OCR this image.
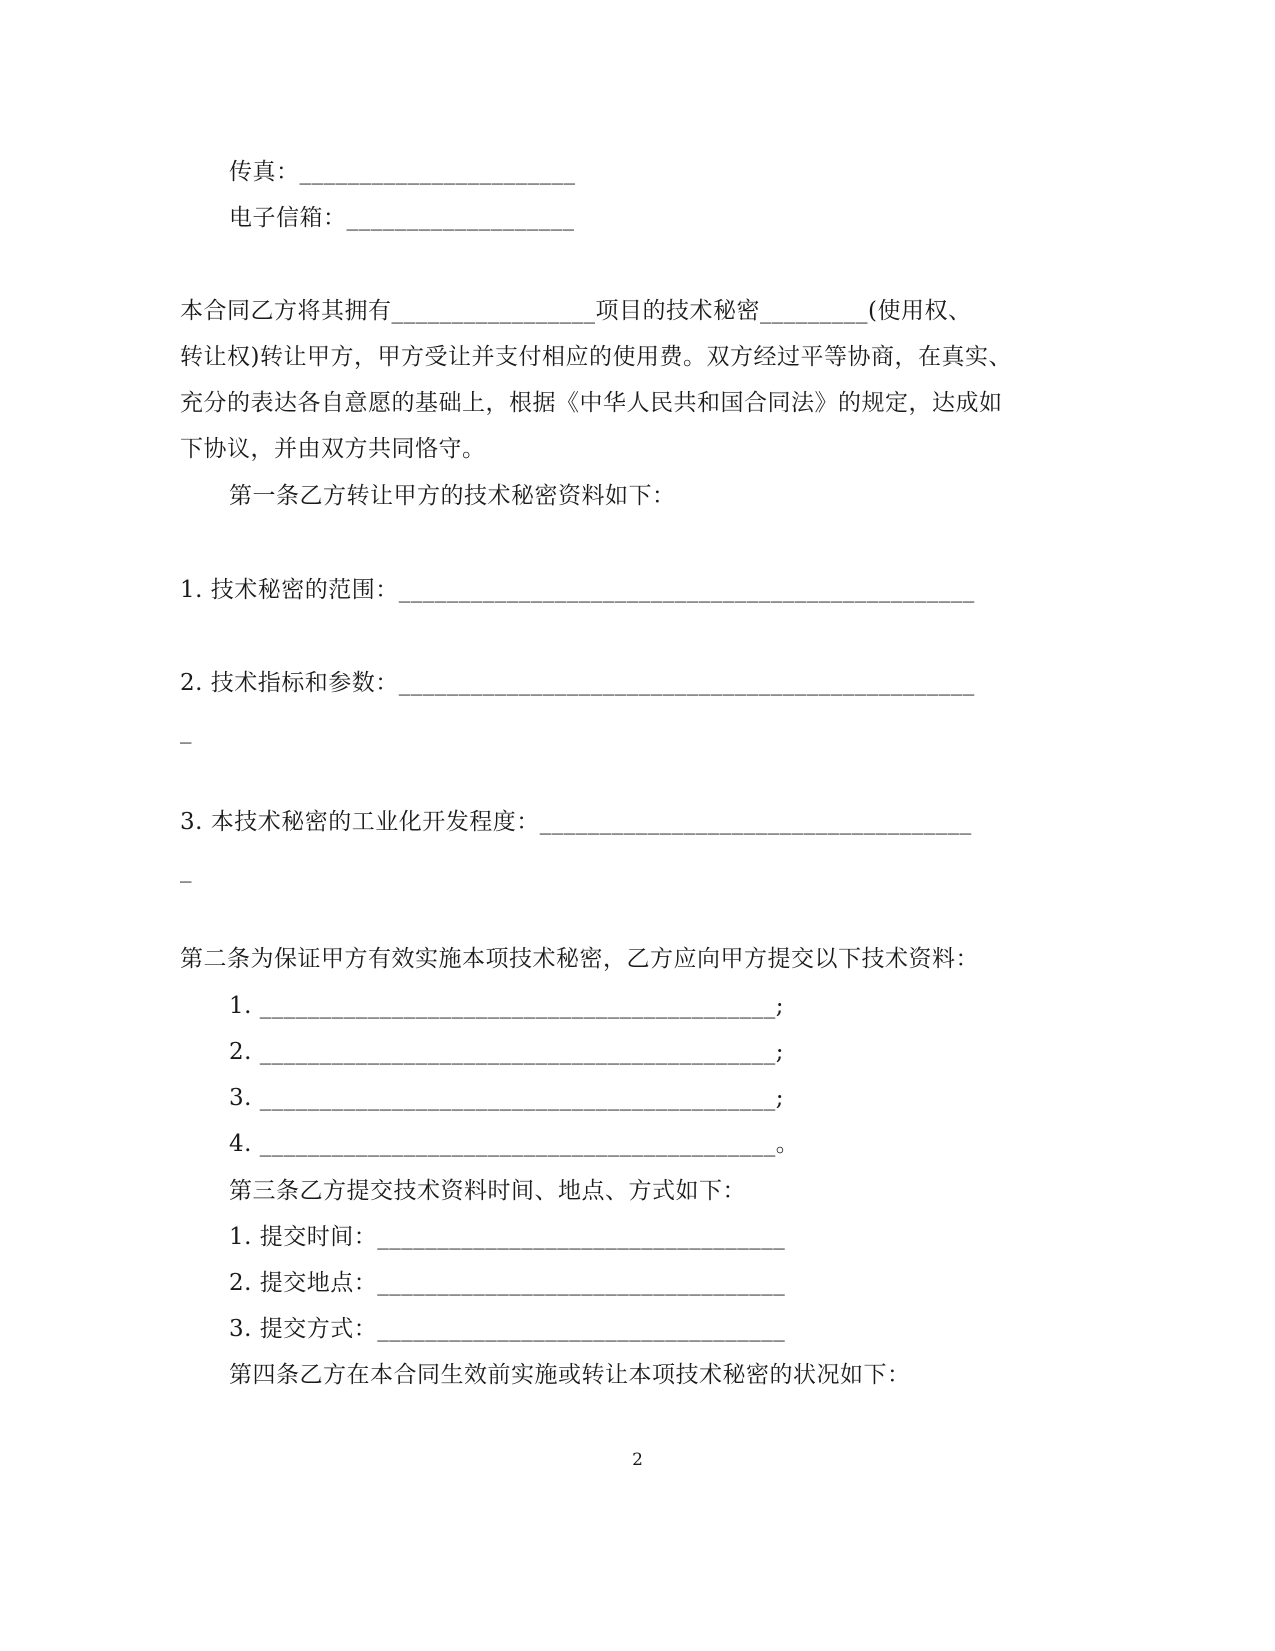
传真：_______________________
电子信箱：___________________
本合同乙方将其拥有_________________项目的技术秘密_________(使用权、
转让权)转让甲方，甲方受让并支付相应的使用费。双方经过平等协商，在真实、
充分的表达各自意愿的基础上，根据《中华人民共和国合同法》的规定，达成如
下协议，并由双方共同恪守。
第一条乙方转让甲方的技术秘密资料如下：
1. 技术秘密的范围：________________________________________________
2. 技术指标和参数：________________________________________________
_
3. 本技术秘密的工业化开发程度：____________________________________
_
第二条为保证甲方有效实施本项技术秘密，乙方应向甲方提交以下技术资料：
1. ___________________________________________;
2. ___________________________________________;
3. ___________________________________________;
4. ___________________________________________。
第三条乙方提交技术资料时间、地点、方式如下：
1. 提交时间：__________________________________
2. 提交地点：__________________________________
3. 提交方式：__________________________________
第四条乙方在本合同生效前实施或转让本项技术秘密的状况如下：
2
